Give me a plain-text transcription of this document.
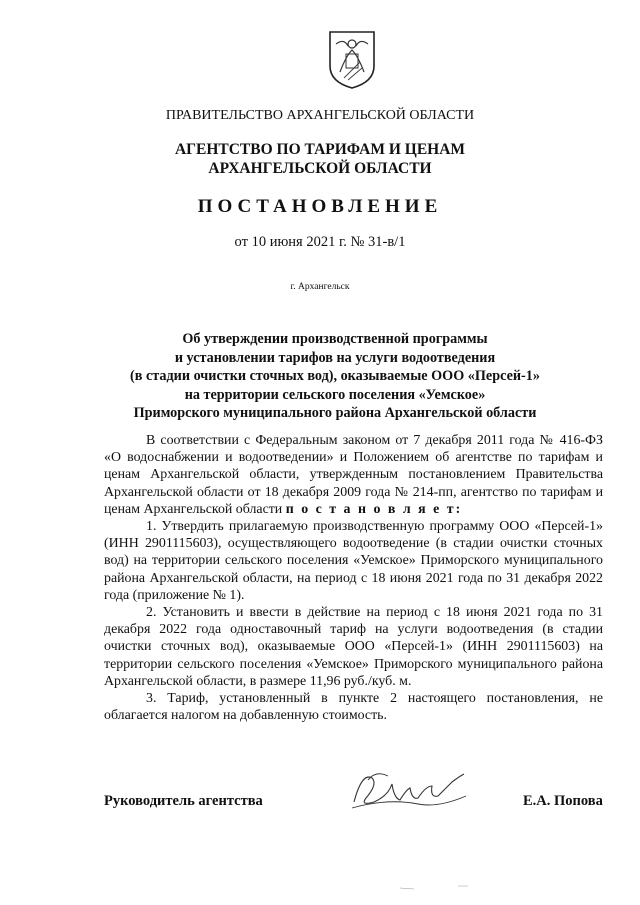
ПРАВИТЕЛЬСТВО АРХАНГЕЛЬСКОЙ ОБЛАСТИ
АГЕНТСТВО ПО ТАРИФАМ И ЦЕНАМ
АРХАНГЕЛЬСКОЙ ОБЛАСТИ
ПОСТАНОВЛЕНИЕ
от 10 июня 2021 г. № 31-в/1
г. Архангельск
Об утверждении производственной программы
и установлении тарифов на услуги водоотведения
(в стадии очистки сточных вод), оказываемые ООО «Персей-1»
на территории сельского поселения «Уемское»
Приморского муниципального района Архангельской области

В соответствии с Федеральным законом от 7 декабря 2011 года № 416-ФЗ «О водоснабжении и водоотведении» и Положением об агентстве по тарифам и ценам Архангельской области, утвержденным постановлением Правительства Архангельской области от 18 декабря 2009 года № 214-пп, агентство по тарифам и ценам Архангельской области п о с т а н о в л я е т:

1. Утвердить прилагаемую производственную программу ООО «Персей-1» (ИНН 2901115603), осуществляющего водоотведение (в стадии очистки сточных вод) на территории сельского поселения «Уемское» Приморского муниципального района Архангельской области, на период с 18 июня 2021 года по 31 декабря 2022 года (приложение № 1).

2. Установить и ввести в действие на период с 18 июня 2021 года по 31 декабря 2022 года одноставочный тариф на услуги водоотведения (в стадии очистки сточных вод), оказываемые ООО «Персей-1» (ИНН 2901115603) на территории сельского поселения «Уемское» Приморского муниципального района Архангельской области, в размере 11,96 руб./куб. м.

3. Тариф, установленный в пункте 2 настоящего постановления, не облагается налогом на добавленную стоимость.

Руководитель агентства	Е.А. Попова
